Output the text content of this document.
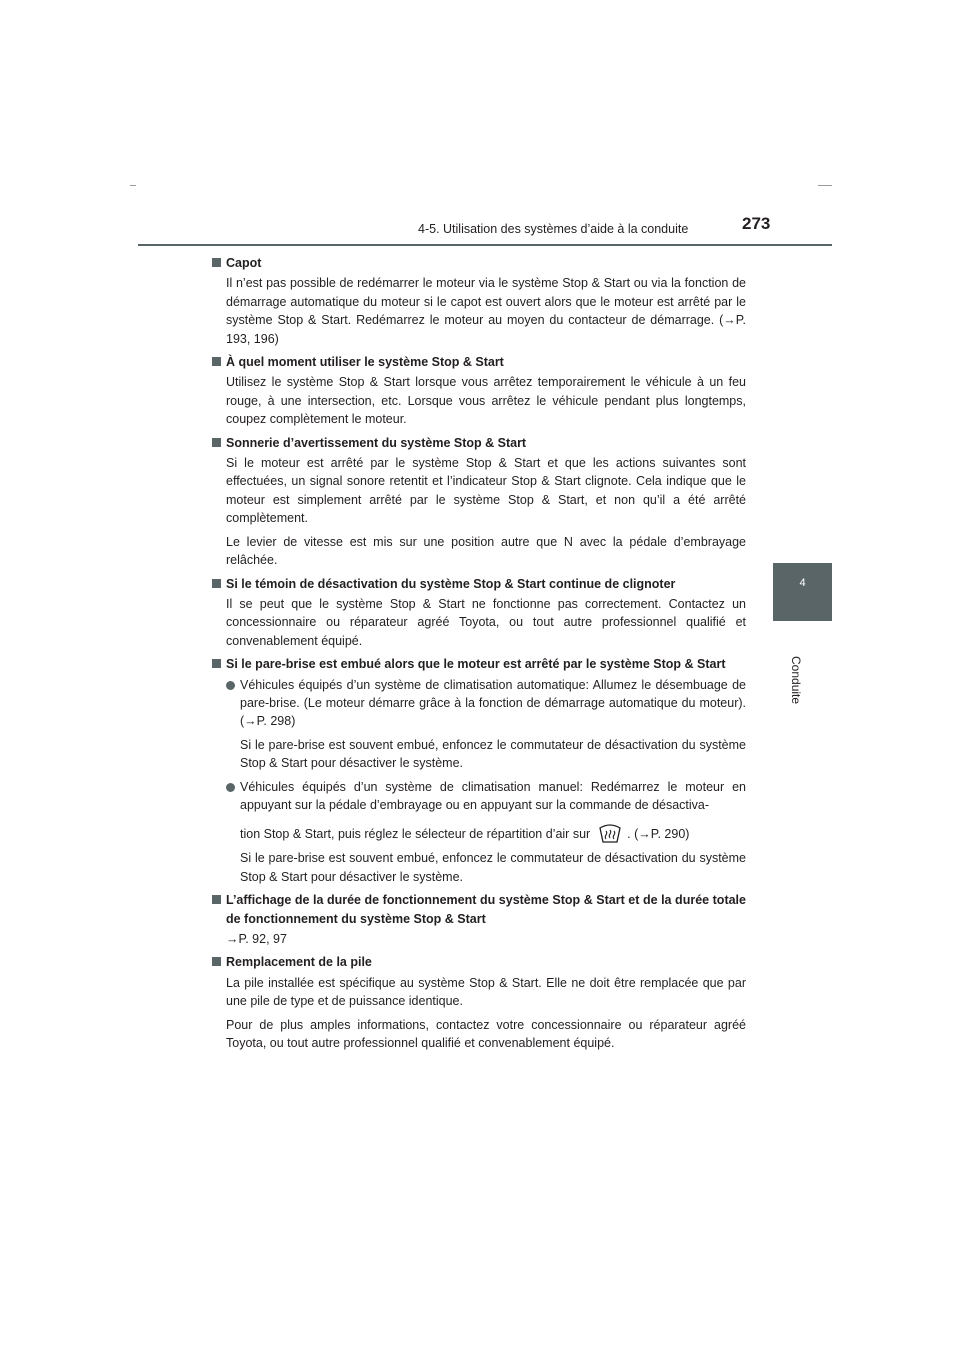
4-5. Utilisation des systèmes d’aide à la conduite	273
4
Conduite
Capot

Il n’est pas possible de redémarrer le moteur via le système Stop & Start ou via la fonction de démarrage automatique du moteur si le capot est ouvert alors que le moteur est arrêté par le système Stop & Start. Redémarrez le moteur au moyen du contacteur de démarrage. (→P. 193, 196)

À quel moment utiliser le système Stop & Start

Utilisez le système Stop & Start lorsque vous arrêtez temporairement le véhicule à un feu rouge, à une intersection, etc. Lorsque vous arrêtez le véhicule pendant plus longtemps, coupez complètement le moteur.

Sonnerie d’avertissement du système Stop & Start

Si le moteur est arrêté par le système Stop & Start et que les actions suivantes sont effectuées, un signal sonore retentit et l’indicateur Stop & Start clignote. Cela indique que le moteur est simplement arrêté par le système Stop & Start, et non qu’il a été arrêté complètement.

Le levier de vitesse est mis sur une position autre que N avec la pédale d’embrayage relâchée.

Si le témoin de désactivation du système Stop & Start continue de clignoter

Il se peut que le système Stop & Start ne fonctionne pas correctement. Contactez un concessionnaire ou réparateur agréé Toyota, ou tout autre professionnel qualifié et convenablement équipé.

Si le pare-brise est embué alors que le moteur est arrêté par le système Stop & Start
Véhicules équipés d’un système de climatisation automatique: Allumez le désembuage de pare-brise. (Le moteur démarre grâce à la fonction de démarrage automatique du moteur). (→P. 298)

Si le pare-brise est souvent embué, enfoncez le commutateur de désactivation du système Stop & Start pour désactiver le système.

Véhicules équipés d’un système de climatisation manuel: Redémarrez le moteur en appuyant sur la pédale d’embrayage ou en appuyant sur la commande de désactiva-
tion Stop & Start, puis réglez le sélecteur de répartition d’air sur	. (→P. 290)

Si le pare-brise est souvent embué, enfoncez le commutateur de désactivation du système Stop & Start pour désactiver le système.

L’affichage de la durée de fonctionnement du système Stop & Start et de la durée totale de fonctionnement du système Stop & Start

→P. 92, 97

Remplacement de la pile

La pile installée est spécifique au système Stop & Start. Elle ne doit être remplacée que par une pile de type et de puissance identique.

Pour de plus amples informations, contactez votre concessionnaire ou réparateur agréé Toyota, ou tout autre professionnel qualifié et convenablement équipé.
